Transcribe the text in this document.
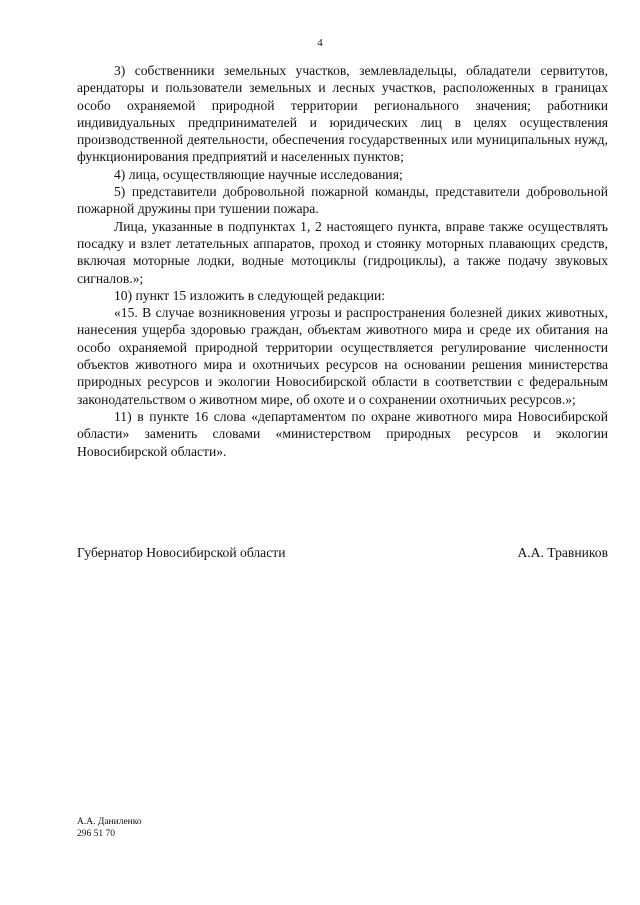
4

3) собственники земельных участков, землевладельцы, обладатели сервитутов, арендаторы и пользователи земельных и лесных участков, расположенных в границах особо охраняемой природной территории регионального значения; работники индивидуальных предпринимателей и юридических лиц в целях осуществления производственной деятельности, обеспечения государственных или муниципальных нужд, функционирования предприятий и населенных пунктов;

4) лица, осуществляющие научные исследования;

5) представители добровольной пожарной команды, представители добровольной пожарной дружины при тушении пожара.

Лица, указанные в подпунктах 1, 2 настоящего пункта, вправе также осуществлять посадку и взлет летательных аппаратов, проход и стоянку моторных плавающих средств, включая моторные лодки, водные мотоциклы (гидроциклы), а также подачу звуковых сигналов.»;

10) пункт 15 изложить в следующей редакции:

«15. В случае возникновения угрозы и распространения болезней диких животных, нанесения ущерба здоровью граждан, объектам животного мира и среде их обитания на особо охраняемой природной территории осуществляется регулирование численности объектов животного мира и охотничьих ресурсов на основании решения министерства природных ресурсов и экологии Новосибирской области в соответствии с федеральным законодательством о животном мире, об охоте и о сохранении охотничьих ресурсов.»;

11) в пункте 16 слова «департаментом по охране животного мира Новосибирской области» заменить словами «министерством природных ресурсов и экологии Новосибирской области».

Губернатор Новосибирской области	А.А. Травников
А.А. Даниленко
296 51 70
